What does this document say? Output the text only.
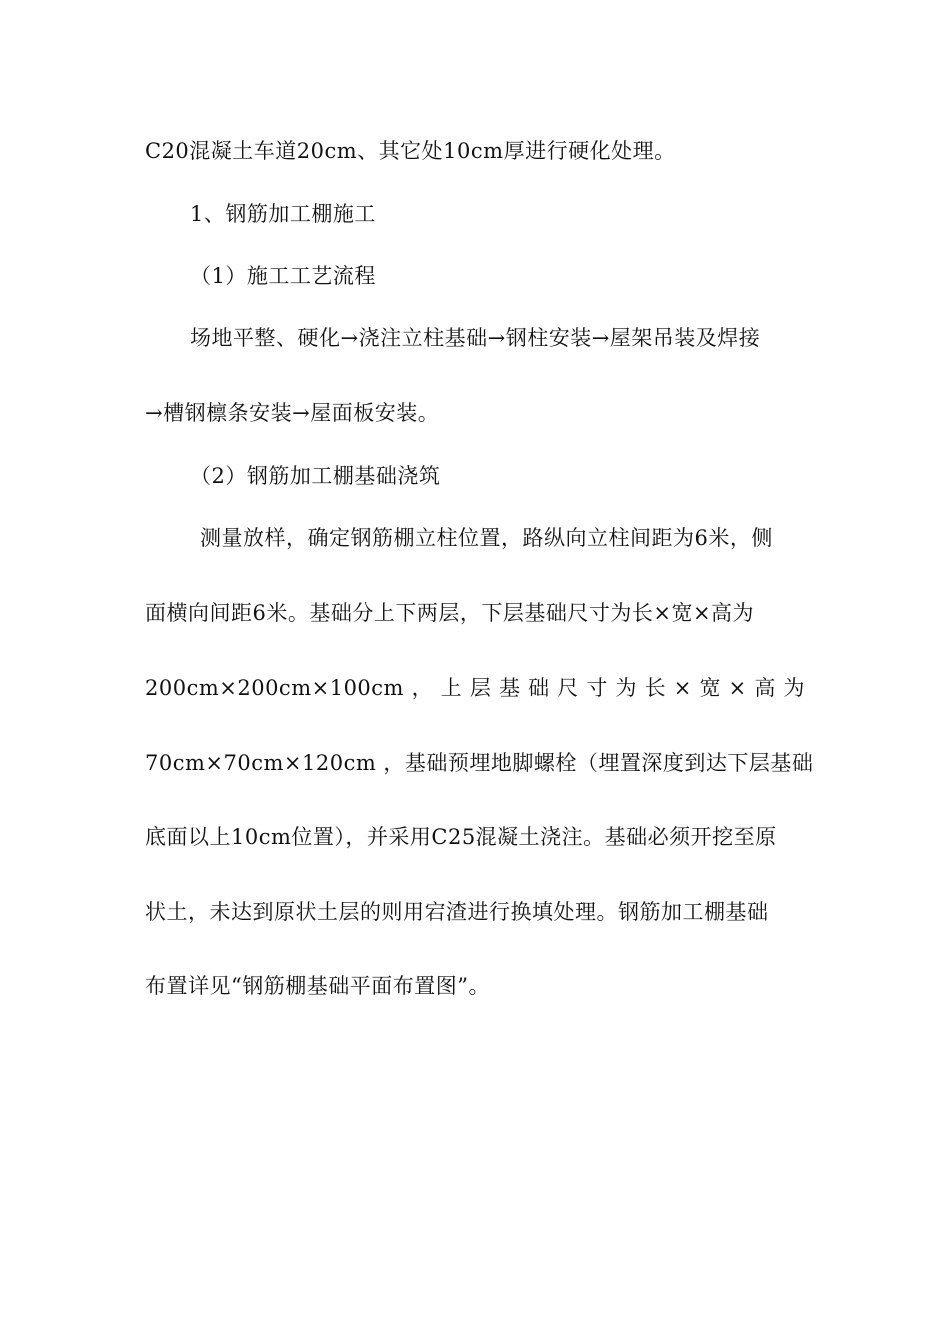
C20混凝土车道20cm、其它处10cm厚进行硬化处理。
1、钢筋加工棚施工
（1）施工工艺流程
场地平整、硬化→浇注立柱基础→钢柱安装→屋架吊装及焊接
→槽钢檩条安装→屋面板安装。
（2）钢筋加工棚基础浇筑
测量放样，确定钢筋棚立柱位置，路纵向立柱间距为6米，侧
面横向间距6米。基础分上下两层，下层基础尺寸为长×宽×高为
200cm×200cm×100cm ， 上 层 基 础 尺 寸 为 长 × 宽 × 高 为
70cm×70cm×120cm ，基础预埋地脚螺栓（埋置深度到达下层基础
底面以上10cm位置），并采用C25混凝土浇注。基础必须开挖至原
状土，未达到原状土层的则用宕渣进行换填处理。钢筋加工棚基础
布置详见“钢筋棚基础平面布置图”。
